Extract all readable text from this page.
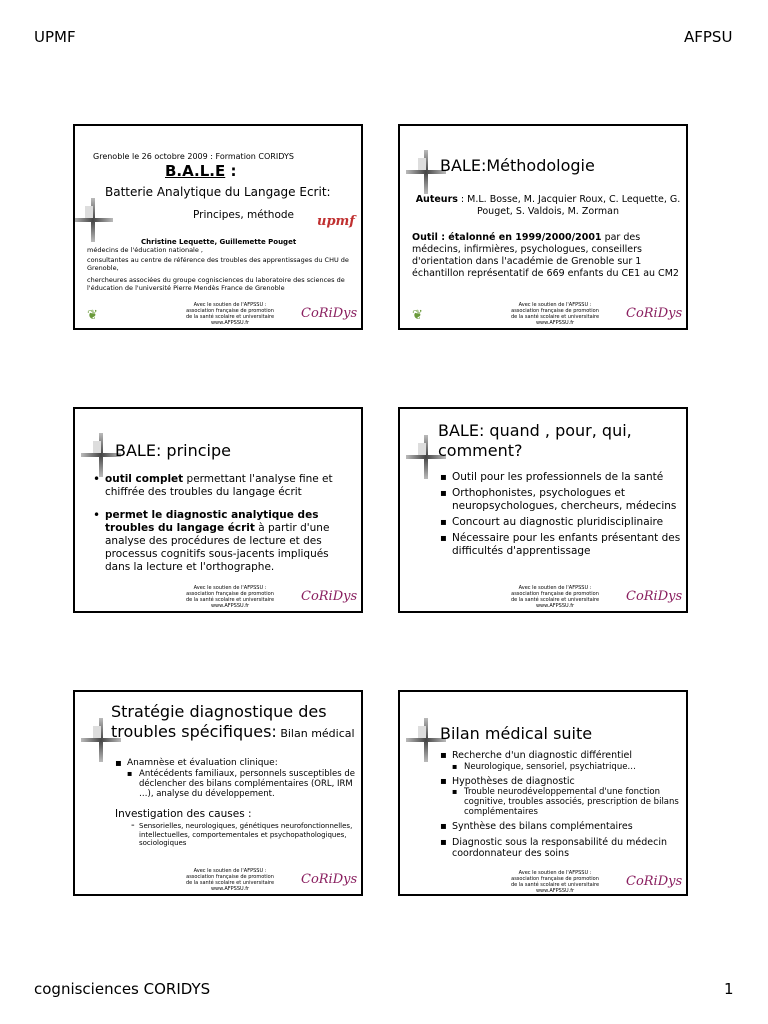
UPMF	AFPSU
Grenoble le 26 octobre 2009 : Formation CORIDYS
B.A.L.E :
Batterie Analytique du Langage Ecrit:
Principes, méthode upmf
Christine Lequette, Guillemette Pouget
médecins de l'éducation nationale ,
consultantes au centre de référence des troubles des apprentissages du CHU de Grenoble,
chercheures associées du groupe cognisciences du laboratoire des sciences de l'éducation de l'université Pierre Mendès France de Grenoble
Avec le soutien de l'AFPSSU : association française de promotion de la santé scolaire et universitaire www.AFPSSU.fr
❦	CoRiDys
BALE:Méthodologie
Auteurs : M.L. Bosse, M. Jacquier Roux, C. Lequette, G. Pouget, S. Valdois, M. Zorman
Outil : étalonné en 1999/2000/2001 par des médecins, infirmières, psychologues, conseillers d'orientation dans l'académie de Grenoble sur 1 échantillon représentatif de 669 enfants du CE1 au CM2
Avec le soutien de l'AFPSSU : association française de promotion de la santé scolaire et universitaire www.AFPSSU.fr
❦	CoRiDys
BALE: principe
• outil complet permettant l'analyse fine et chiffrée des troubles du langage écrit
• permet le diagnostic analytique des troubles du langage écrit à partir d'une analyse des procédures de lecture et des processus cognitifs sous-jacents impliqués dans la lecture et l'orthographe.
Avec le soutien de l'AFPSSU : association française de promotion de la santé scolaire et universitaire www.AFPSSU.fr
CoRiDys
BALE: quand , pour, qui, comment?
▪ Outil pour les professionnels de la santé
▪ Orthophonistes, psychologues et neuropsychologues, chercheurs, médecins
▪ Concourt au diagnostic pluridisciplinaire
▪ Nécessaire pour les enfants présentant des difficultés d'apprentissage
Avec le soutien de l'AFPSSU : association française de promotion de la santé scolaire et universitaire www.AFPSSU.fr
CoRiDys
Stratégie diagnostique des troubles spécifiques: Bilan médical
▪ Anamnèse et évaluation clinique:
▪ Antécédents familiaux, personnels susceptibles de déclencher des bilans complémentaires (ORL, IRM …), analyse du développement.
Investigation des causes :
- Sensorielles, neurologiques, génétiques neurofonctionnelles, intellectuelles, comportementales et psychopathologiques, sociologiques
Avec le soutien de l'AFPSSU : association française de promotion de la santé scolaire et universitaire www.AFPSSU.fr
CoRiDys
Bilan médical suite
▪ Recherche d'un diagnostic différentiel
▪ Neurologique, sensoriel, psychiatrique…
▪ Hypothèses de diagnostic
▪ Trouble neurodéveloppemental d'une fonction cognitive, troubles associés, prescription de bilans complémentaires
▪ Synthèse des bilans complémentaires
▪ Diagnostic sous la responsabilité du médecin coordonnateur des soins
Avec le soutien de l'AFPSSU : association française de promotion de la santé scolaire et universitaire www.AFPSSU.fr
CoRiDys
cognisciences CORIDYS	1
